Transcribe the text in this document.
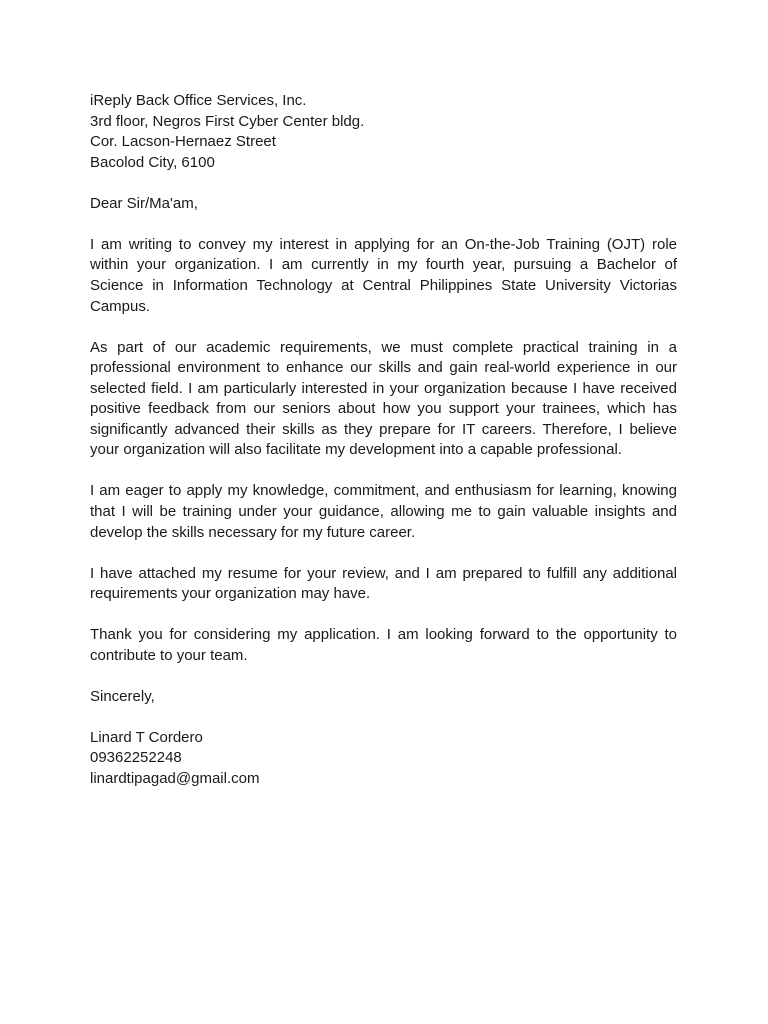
iReply Back Office Services, Inc.
3rd floor, Negros First Cyber Center bldg.
Cor. Lacson-Hernaez Street
Bacolod City, 6100

Dear Sir/Ma'am,

I am writing to convey my interest in applying for an On-the-Job Training (OJT) role within your organization. I am currently in my fourth year, pursuing a Bachelor of Science in Information Technology at Central Philippines State University Victorias Campus.

As part of our academic requirements, we must complete practical training in a professional environment to enhance our skills and gain real-world experience in our selected field. I am particularly interested in your organization because I have received positive feedback from our seniors about how you support your trainees, which has significantly advanced their skills as they prepare for IT careers. Therefore, I believe your organization will also facilitate my development into a capable professional.

I am eager to apply my knowledge, commitment, and enthusiasm for learning, knowing that I will be training under your guidance, allowing me to gain valuable insights and develop the skills necessary for my future career.

I have attached my resume for your review, and I am prepared to fulfill any additional requirements your organization may have.

Thank you for considering my application. I am looking forward to the opportunity to contribute to your team.

Sincerely,

Linard T Cordero
09362252248
linardtipagad@gmail.com
